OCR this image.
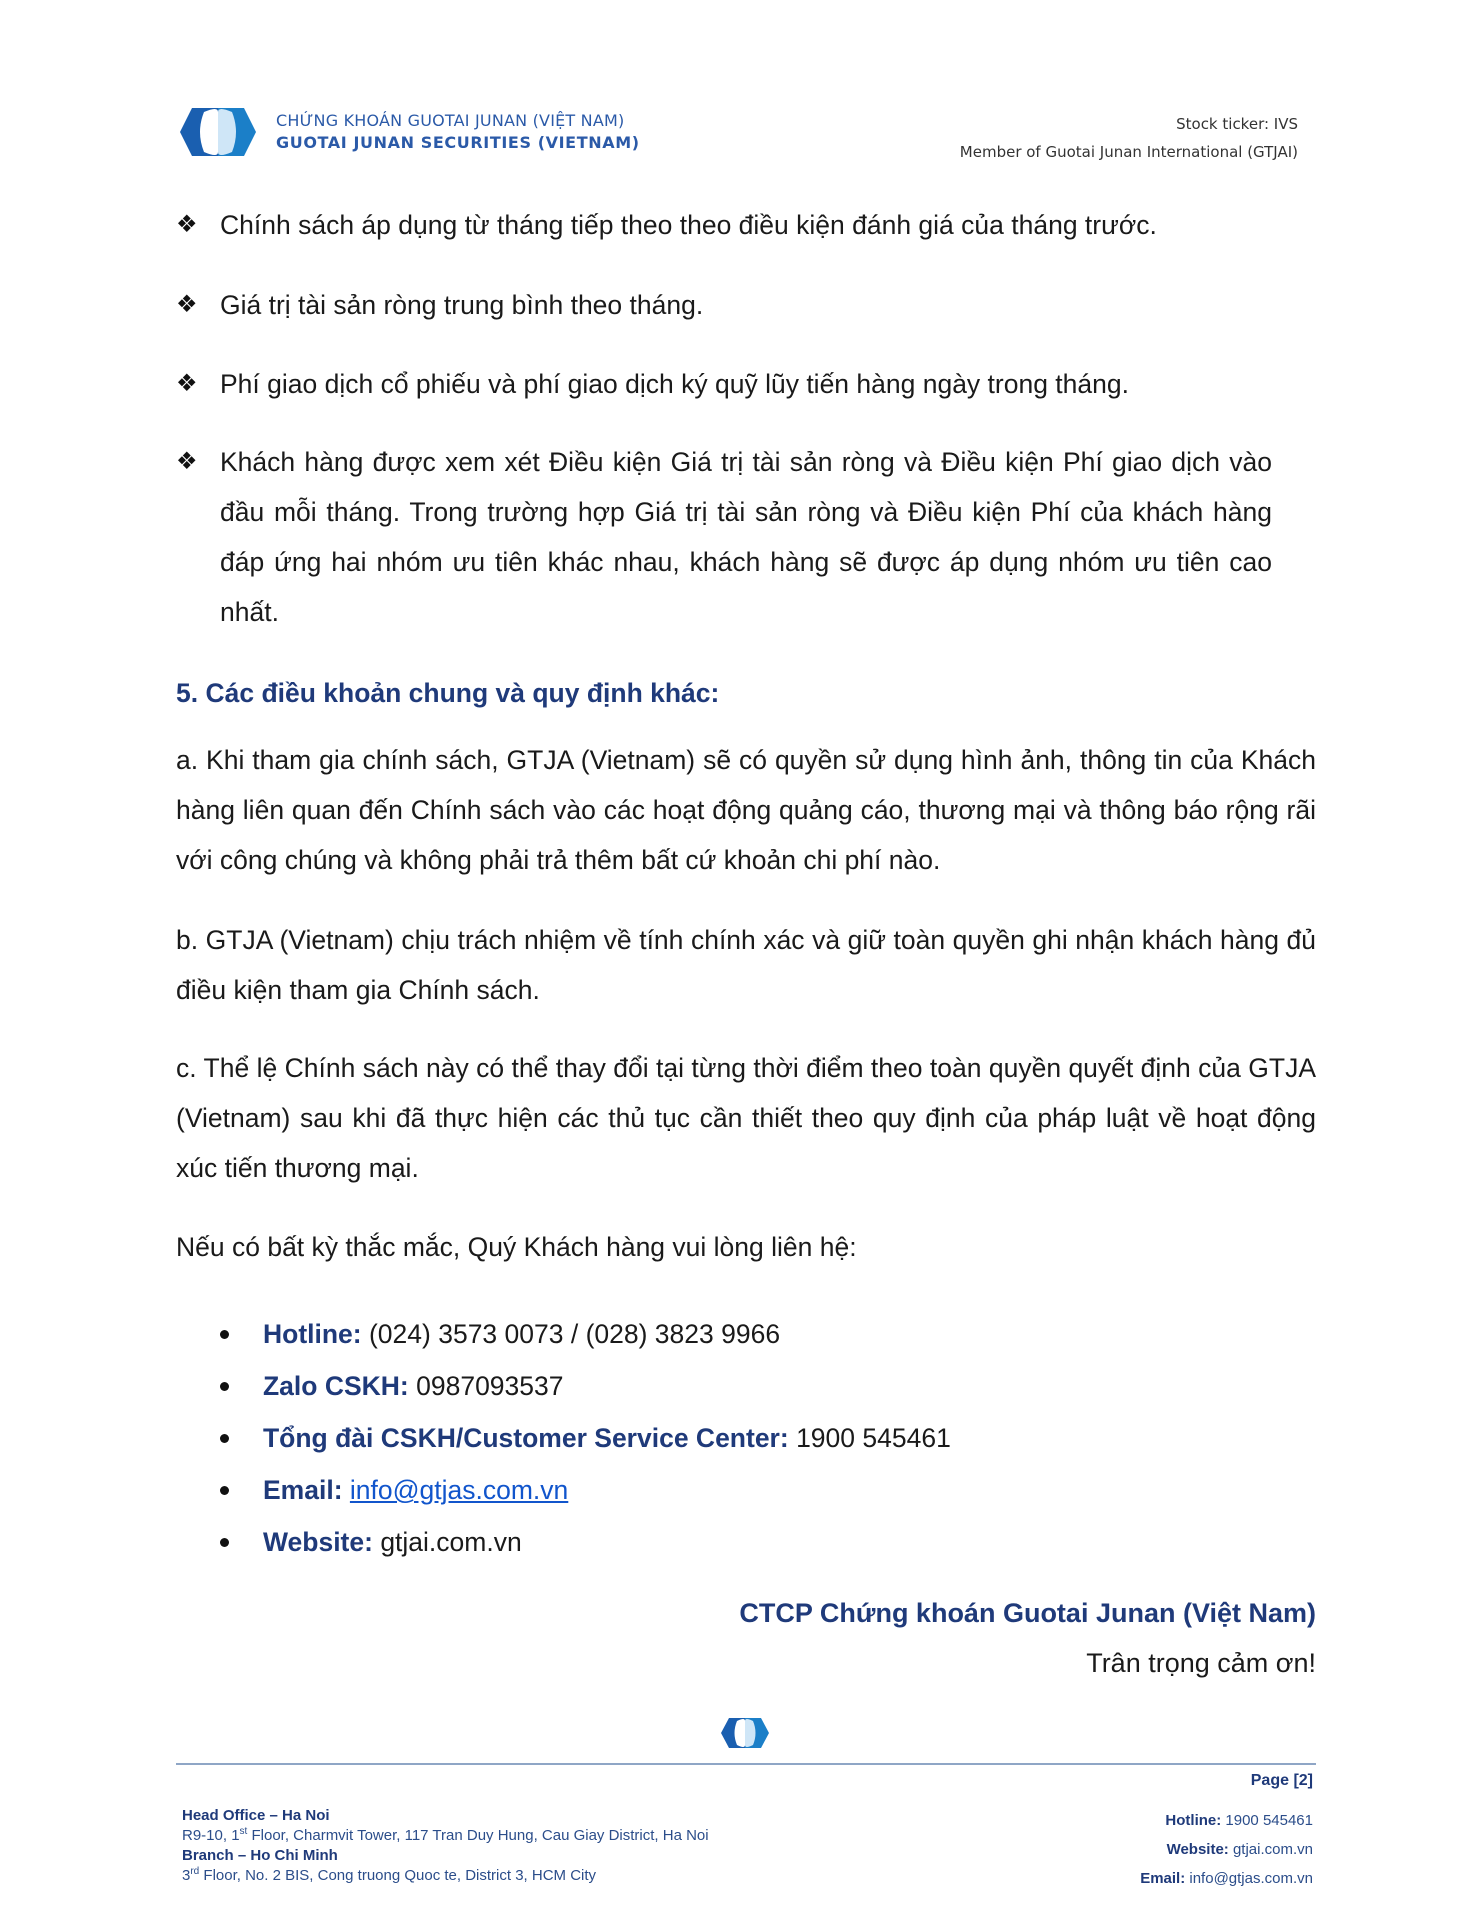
CHỨNG KHOÁN GUOTAI JUNAN (VIỆT NAM)
GUOTAI JUNAN SECURITIES (VIETNAM)
Stock ticker: IVS
Member of Guotai Junan International (GTJAI)
❖ Chính sách áp dụng từ tháng tiếp theo theo điều kiện đánh giá của tháng trước.
❖ Giá trị tài sản ròng trung bình theo tháng.
❖ Phí giao dịch cổ phiếu và phí giao dịch ký quỹ lũy tiến hàng ngày trong tháng.
❖ Khách hàng được xem xét Điều kiện Giá trị tài sản ròng và Điều kiện Phí giao dịch vào đầu mỗi tháng. Trong trường hợp Giá trị tài sản ròng và Điều kiện Phí của khách hàng đáp ứng hai nhóm ưu tiên khác nhau, khách hàng sẽ được áp dụng nhóm ưu tiên cao nhất.
5. Các điều khoản chung và quy định khác:
a. Khi tham gia chính sách, GTJA (Vietnam) sẽ có quyền sử dụng hình ảnh, thông tin của Khách hàng liên quan đến Chính sách vào các hoạt động quảng cáo, thương mại và thông báo rộng rãi với công chúng và không phải trả thêm bất cứ khoản chi phí nào.
b. GTJA (Vietnam) chịu trách nhiệm về tính chính xác và giữ toàn quyền ghi nhận khách hàng đủ điều kiện tham gia Chính sách.
c. Thể lệ Chính sách này có thể thay đổi tại từng thời điểm theo toàn quyền quyết định của GTJA (Vietnam) sau khi đã thực hiện các thủ tục cần thiết theo quy định của pháp luật về hoạt động xúc tiến thương mại.
Nếu có bất kỳ thắc mắc, Quý Khách hàng vui lòng liên hệ:
Hotline: (024) 3573 0073 / (028) 3823 9966
Zalo CSKH: 0987093537
Tổng đài CSKH/Customer Service Center: 1900 545461
Email: info@gtjas.com.vn
Website: gtjai.com.vn
CTCP Chứng khoán Guotai Junan (Việt Nam)
Trân trọng cảm ơn!
Page [2]
Head Office – Ha Noi
R9-10, 1st Floor, Charmvit Tower, 117 Tran Duy Hung, Cau Giay District, Ha Noi
Branch – Ho Chi Minh
3rd Floor, No. 2 BIS, Cong truong Quoc te, District 3, HCM City
Hotline: 1900 545461
Website: gtjai.com.vn
Email: info@gtjas.com.vn
